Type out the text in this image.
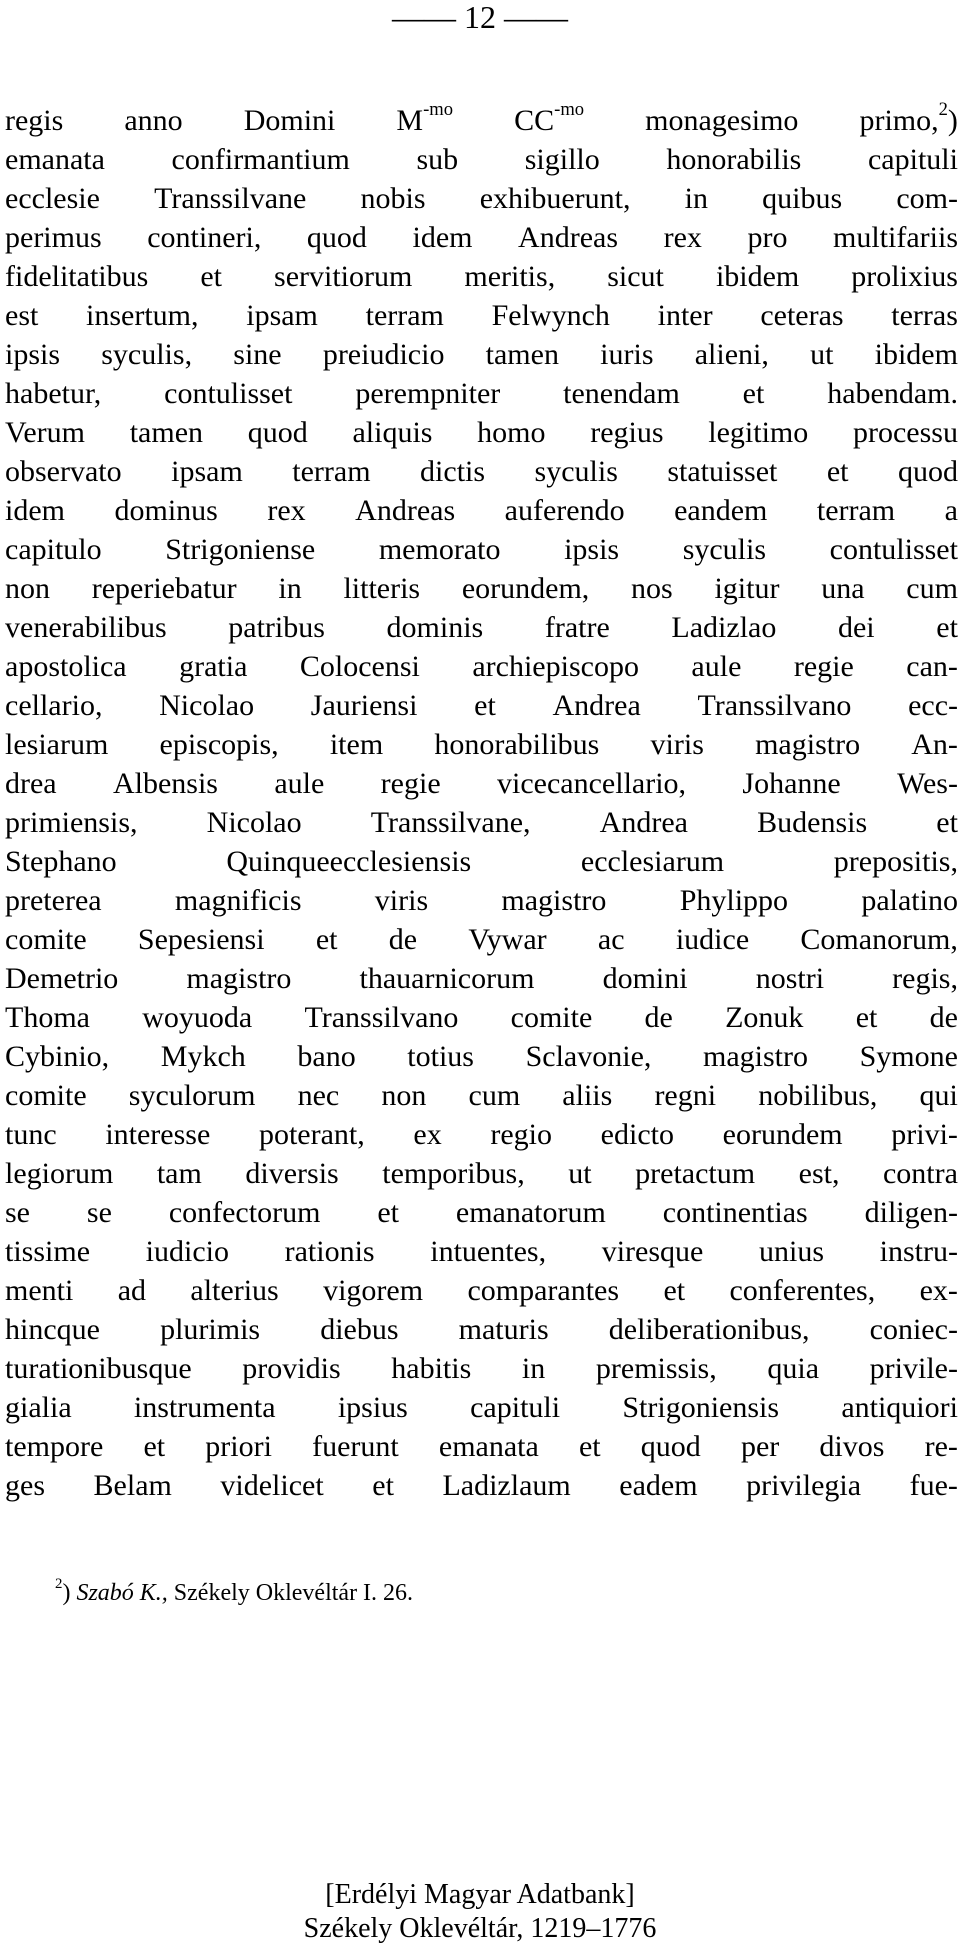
—— 12 ——
regis anno Domini $M^{-mo}$ $CC^{-mo}$ monagesimo primo,$^2$)
emanata confirmantium sub sigillo honorabilis capituli
ecclesie Transsilvane nobis exhibuerunt, in quibus com-
perimus contineri, quod idem Andreas rex pro multifariis
fidelitatibus et servitiorum meritis, sicut ibidem prolixius
est insertum, ipsam terram Felwynch inter ceteras terras
ipsis syculis, sine preiudicio tamen iuris alieni, ut ibidem
habetur, contulisset perempniter tenendam et habendam.
Verum tamen quod aliquis homo regius legitimo processu
observato ipsam terram dictis syculis statuisset et quod
idem dominus rex Andreas auferendo eandem terram a
capitulo Strigoniense memorato ipsis syculis contulisset
non reperiebatur in litteris eorundem, nos igitur una cum
venerabilibus patribus dominis fratre Ladizlao dei et
apostolica gratia Colocensi archiepiscopo aule regie can-
cellario, Nicolao Jauriensi et Andrea Transsilvano ecc-
lesiarum episcopis, item honorabilibus viris magistro An-
drea Albensis aule regie vicecancellario, Johanne Wes-
primiensis, Nicolao Transsilvane, Andrea Budensis et
Stephano	Quinqueecclesiensis	ecclesiarum	prepositis,
preterea magnificis viris magistro Phylippo palatino
comite Sepesiensi et de Vywar ac iudice Comanorum,
Demetrio magistro thauarnicorum domini nostri regis,
Thoma woyuoda Transsilvano comite de Zonuk et de
Cybinio, Mykch bano totius Sclavonie, magistro Symone
comite syculorum nec non cum aliis regni nobilibus, qui
tunc interesse poterant, ex regio edicto eorundem privi-
legiorum tam diversis temporibus, ut pretactum est, contra
se se confectorum et emanatorum continentias diligen-
tissime iudicio rationis intuentes, viresque unius instru-
menti ad alterius vigorem comparantes et conferentes, ex-
hincque plurimis diebus maturis deliberationibus, coniec-
turationibusque providis habitis in premissis, quia privile-
gialia instrumenta ipsius capituli Strigoniensis antiquiori
tempore et priori fuerunt emanata et quod per divos re-
ges Belam videlicet et Ladizlaum eadem privilegia fue-
$^2$) Szabó K., Székely Oklevéltár I. 26.
[Erdélyi Magyar Adatbank]
Székely Oklevéltár, 1219–1776
